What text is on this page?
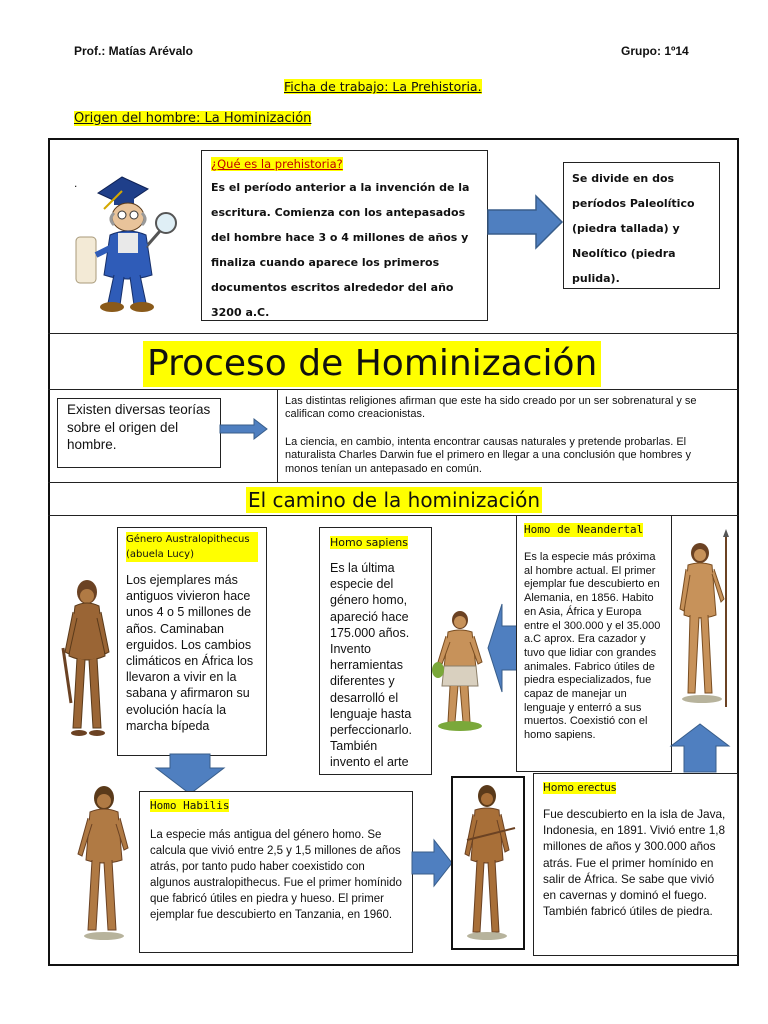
Prof.: Matías Arévalo	Grupo: 1º14
Ficha de trabajo: La Prehistoria.
Origen del hombre: La Hominización
.
¿Qué es la prehistoria?
Es el período anterior a la invención de la escritura. Comienza con los antepasados del hombre hace 3 o 4 millones de años y finaliza cuando aparece los primeros documentos escritos alrededor del año 3200 a.C.
Se divide en dos períodos Paleolítico (piedra tallada) y Neolítico (piedra pulida).
Proceso de Hominización
Existen diversas teorías sobre el origen del hombre.
Las distintas religiones afirman que este ha sido creado por un ser sobrenatural y se califican como creacionistas.
La ciencia, en cambio, intenta encontrar causas naturales y pretende probarlas. El naturalista Charles Darwin fue el primero en llegar a una conclusión que hombres y monos tenían un antepasado en común.
El camino de la hominización
Género Australopithecus (abuela Lucy)
Los ejemplares más antiguos vivieron hace unos 4 o 5 millones de años. Caminaban erguidos. Los cambios climáticos en África los llevaron a vivir en la sabana y afirmaron su evolución hacía la marcha bípeda
Homo sapiens
Es la última especie del género homo, apareció hace 175.000 años. Invento herramientas diferentes y desarrolló el lenguaje hasta perfeccionarlo. También invento el arte
Homo de Neandertal
Es la especie más próxima al hombre actual. El primer ejemplar fue descubierto en Alemania, en 1856. Habito en Asia, África y Europa entre el 300.000 y el 35.000 a.C aprox. Era cazador y tuvo que lidiar con grandes animales. Fabrico útiles de piedra especializados, fue capaz de manejar un lenguaje y enterró a sus muertos. Coexistió con el homo sapiens.
Homo Habilis
La especie más antigua del género homo. Se calcula que vivió entre 2,5 y 1,5 millones de años atrás, por tanto pudo haber coexistido con algunos australopithecus. Fue el primer homínido que fabricó útiles en piedra y hueso. El primer ejemplar fue descubierto en Tanzania, en 1960.
Homo erectus
Fue descubierto en la isla de Java, Indonesia, en 1891. Vivió entre 1,8 millones de años y 300.000 años atrás. Fue el primer homínido en salir de África. Se sabe que vivió en cavernas y dominó el fuego. También fabricó útiles de piedra.
